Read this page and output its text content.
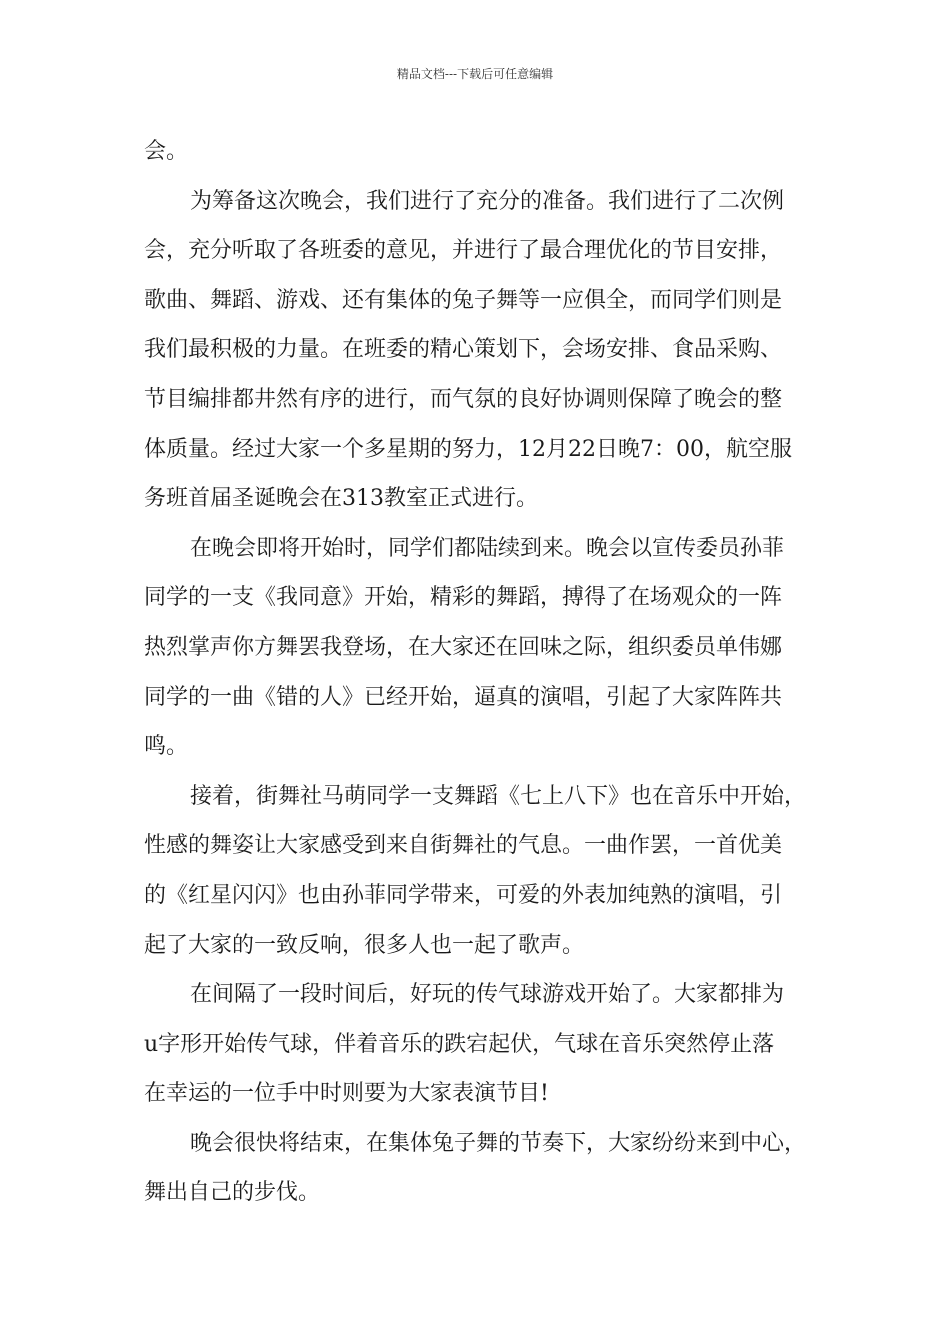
精品文档---下载后可任意编辑
会。
为筹备这次晚会，我们进行了充分的准备。我们进行了二次例
会，充分听取了各班委的意见，并进行了最合理优化的节目安排，
歌曲、舞蹈、游戏、还有集体的兔子舞等一应俱全，而同学们则是
我们最积极的力量。在班委的精心策划下，会场安排、食品采购、
节目编排都井然有序的进行，而气氛的良好协调则保障了晚会的整
体质量。经过大家一个多星期的努力，12月22日晚7：00，航空服
务班首届圣诞晚会在313教室正式进行。
在晚会即将开始时，同学们都陆续到来。晚会以宣传委员孙菲
同学的一支《我同意》开始，精彩的舞蹈，搏得了在场观众的一阵
热烈掌声你方舞罢我登场，在大家还在回味之际，组织委员单伟娜
同学的一曲《错的人》已经开始，逼真的演唱，引起了大家阵阵共
鸣。
接着，街舞社马萌同学一支舞蹈《七上八下》也在音乐中开始，
性感的舞姿让大家感受到来自街舞社的气息。一曲作罢，一首优美
的《红星闪闪》也由孙菲同学带来，可爱的外表加纯熟的演唱，引
起了大家的一致反响，很多人也一起了歌声。
在间隔了一段时间后，好玩的传气球游戏开始了。大家都排为
u字形开始传气球，伴着音乐的跌宕起伏，气球在音乐突然停止落
在幸运的一位手中时则要为大家表演节目!
晚会很快将结束，在集体兔子舞的节奏下，大家纷纷来到中心，
舞出自己的步伐。
